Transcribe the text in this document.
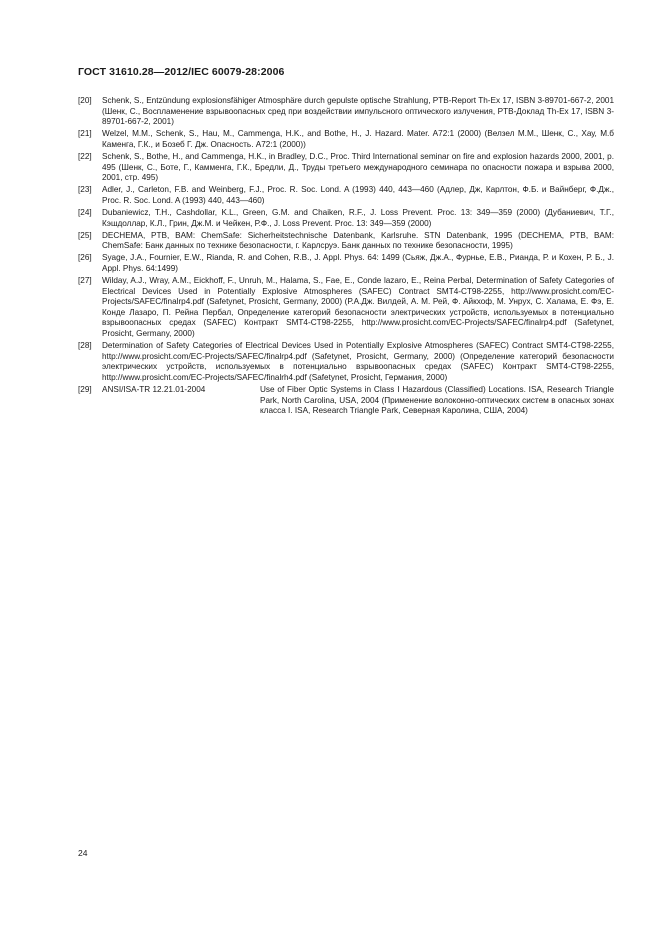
ГОСТ 31610.28—2012/IEC 60079-28:2006
[20] Schenk, S., Entzündung explosionsfähiger Atmosphäre durch gepulste optische Strahlung, PTB-Report Th-Ex 17, ISBN 3-89701-667-2, 2001 (Шенк, С., Воспламенение взрывоопасных сред при воздействии импульсного оптического излучения, PTB-Доклад Th-Ex 17, ISBN 3-89701-667-2, 2001)
[21] Welzel, M.M., Schenk, S., Hau, M., Cammenga, H.K., and Bothe, H., J. Hazard. Mater. A72:1 (2000) (Велзел М.М., Шенк, С., Хау, М.б Каменга, Г.К., и Бозеб Г. Дж. Опасность. A72:1 (2000))
[22] Schenk, S., Bothe, H., and Cammenga, H.K., in Bradley, D.C., Proc. Third International seminar on fire and explosion hazards 2000, 2001, p. 495 (Шенк, С., Боте, Г., Камменга, Г.К., Бредли, Д., Труды третьего международного семинара по опасности пожара и взрыва 2000, 2001, стр. 495)
[23] Adler, J., Carleton, F.B. and Weinberg, F.J., Proc. R. Soc. Lond. A (1993) 440, 443—460 (Адлер, Дж, Карлтон, Ф.Б. и Вайнберг, Ф.Дж., Proc. R. Soc. Lond. A (1993) 440, 443—460)
[24] Dubaniewicz, T.H., Cashdollar, K.L., Green, G.M. and Chaiken, R.F., J. Loss Prevent. Proc. 13: 349—359 (2000) (Дубаниевич, Т.Г., Кэшдоллар, К.Л., Грин, Дж.М. и Чейкен, Р.Ф., J. Loss Prevent. Proc. 13: 349—359 (2000)
[25] DECHEMA, PTB, BAM: ChemSafe: Sicherheitstechnische Datenbank, Karlsruhe. STN Datenbank, 1995 (DECHEMA, PTB, BAM: ChemSafe: Банк данных по технике безопасности, г. Карлсруэ. Банк данных по технике безопасности, 1995)
[26] Syage, J.A., Fournier, E.W., Rianda, R. and Cohen, R.B., J. Appl. Phys. 64: 1499 (Сьяж, Дж.А., Фурнье, Е.В., Рианда, Р. и Кохен, Р. Б., J. Appl. Phys. 64:1499)
[27] Wilday, A.J., Wray, A.M., Eickhoff, F., Unruh, M., Halama, S., Fae, E., Conde lazaro, E., Reina Perbal, Determination of Safety Categories of Electrical Devices Used in Potentially Explosive Atmospheres (SAFEC) Contract SMT4-CT98-2255, http://www.prosicht.com/EC-Projects/SAFEC/finalrp4.pdf (Safetynet, Prosicht, Germany, 2000) (Р.А.Дж. Вилдей, А. М. Рей, Ф. Айкхоф, М. Унрух, С. Халама, Е. Фэ, Е. Конде Лазаро, П. Рейна Пербал, Определение категорий безопасности электрических устройств, используемых в потенциально взрывоопасных средах (SAFEC) Контракт SMT4-CT98-2255, http://www.prosicht.com/EC-Projects/SAFEC/finalrp4.pdf (Safetynet, Prosicht, Germany, 2000)
[28] Determination of Safety Categories of Electrical Devices Used in Potentially Explosive Atmospheres (SAFEC) Contract SMT4-CT98-2255, http://www.prosicht.com/EC-Projects/SAFEC/finalrp4.pdf (Safetynet, Prosicht, Germany, 2000) (Определение категорий безопасности электрических устройств, используемых в потенциально взрывоопасных средах (SAFEC) Контракт SMT4-CT98-2255, http://www.prosicht.com/EC-Projects/SAFEC/finalrh4.pdf (Safetynet, Prosicht, Германия, 2000)
[29] ANSI/ISA-TR 12.21.01-2004	Use of Fiber Optic Systems in Class I Hazardous (Classified) Locations. ISA, Research Triangle Park, North Carolina, USA, 2004 (Применение волоконно-оптических систем в опасных зонах класса I. ISA, Research Triangle Park, Северная Каролина, США, 2004)
24
